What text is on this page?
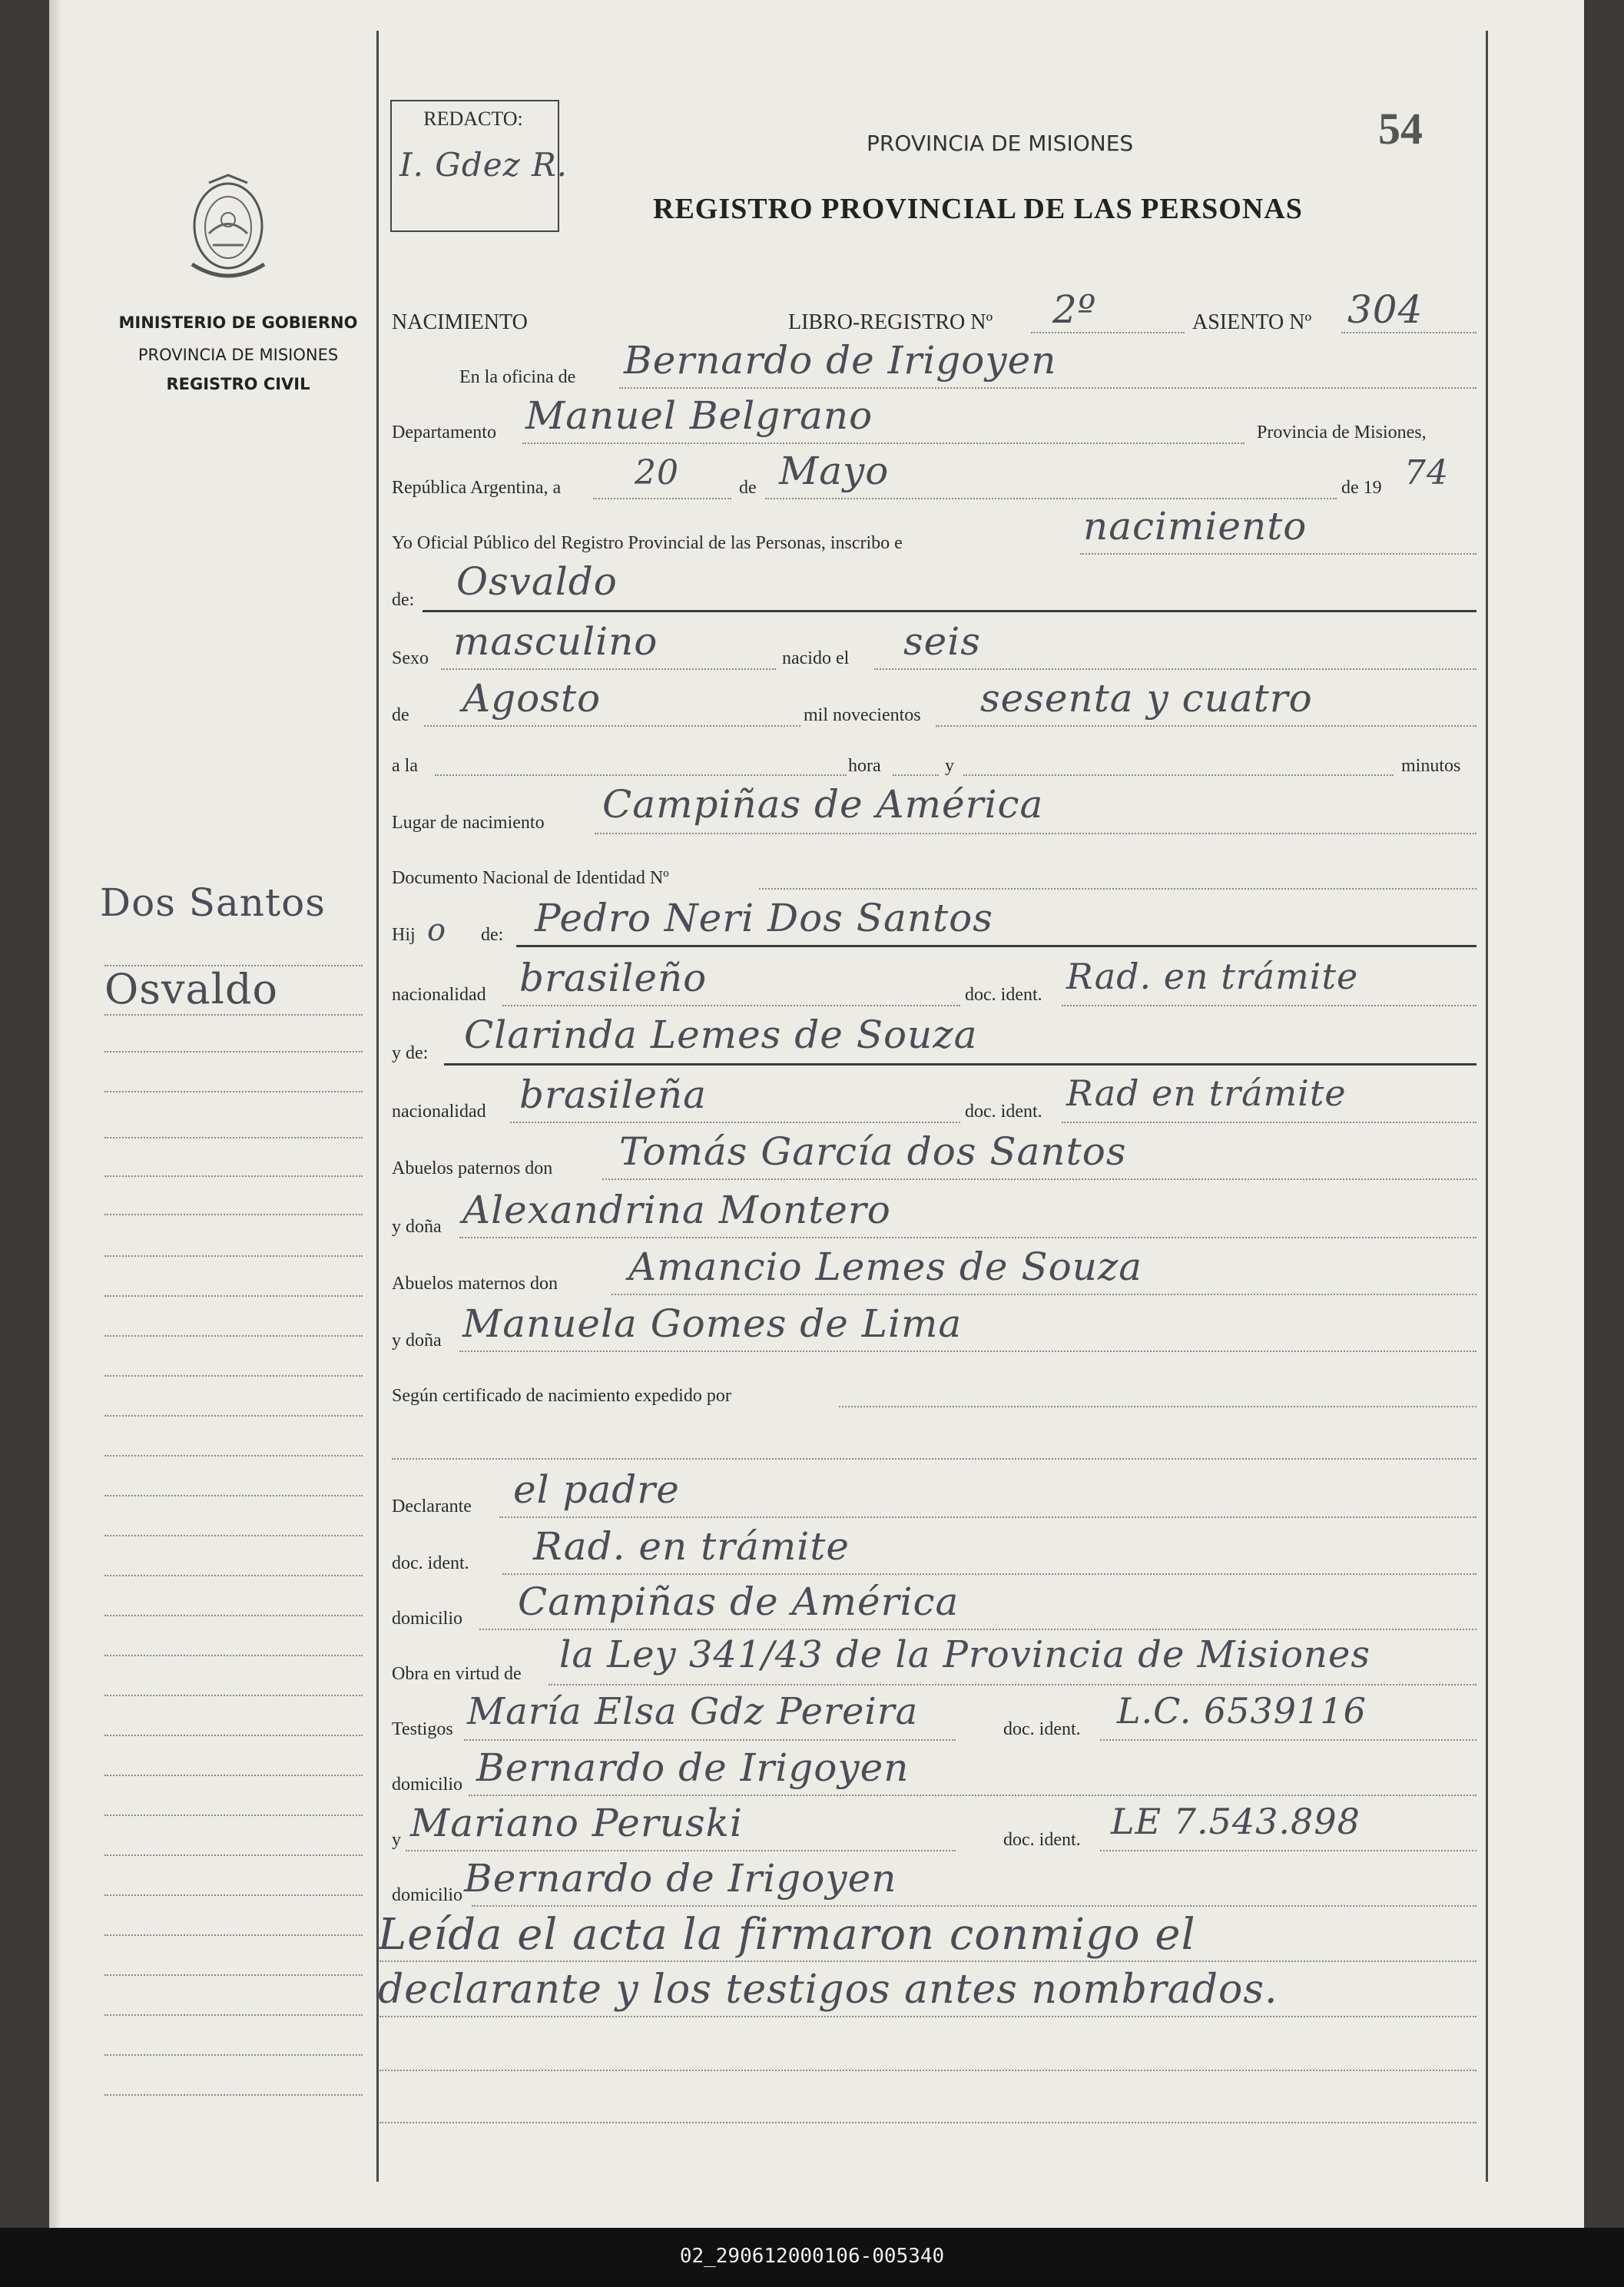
MINISTERIO DE GOBIERNO
PROVINCIA DE MISIONES
REGISTRO CIVIL
REDACTO:
I. Gdez R.
PROVINCIA DE MISIONES
REGISTRO PROVINCIAL DE LAS PERSONAS
54
NACIMIENTO	LIBRO-REGISTRO Nº 2º	ASIENTO Nº 304
En la oficina de Bernardo de Irigoyen
Departamento Manuel Belgrano	Provincia de Misiones,
República Argentina, a 20	de Mayo	de 19 74
Yo Oficial Público del Registro Provincial de las Personas, inscribo e	nacimiento
de: Osvaldo
Sexo masculino	nacido el seis
de Agosto	mil novecientos sesenta y cuatro
a la	hora	y	minutos
Lugar de nacimiento Campiñas de América
Documento Nacional de Identidad Nº
Hij o de: Pedro Neri Dos Santos
nacionalidad brasileño	doc. ident. Rad. en trámite
y de: Clarinda Lemes de Souza
nacionalidad brasileña	doc. ident. Rad en trámite
Abuelos paternos don Tomás García dos Santos
y doña Alexandrina Montero
Abuelos maternos don Amancio Lemes de Souza
y doña Manuela Gomes de Lima
Según certificado de nacimiento expedido por
Declarante el padre
doc. ident. Rad. en trámite
domicilio Campiñas de América
Obra en virtud de la Ley 341/43 de la Provincia de Misiones
Testigos María Elsa Gdz Pereira	doc. ident. L.C. 6539116
domicilio Bernardo de Irigoyen
y Mariano Peruski	doc. ident. LE 7.543.898
domicilio Bernardo de Irigoyen
Leída el acta la firmaron conmigo el
declarante y los testigos antes nombrados.
Dos Santos
Osvaldo
02_290612000106-005340
